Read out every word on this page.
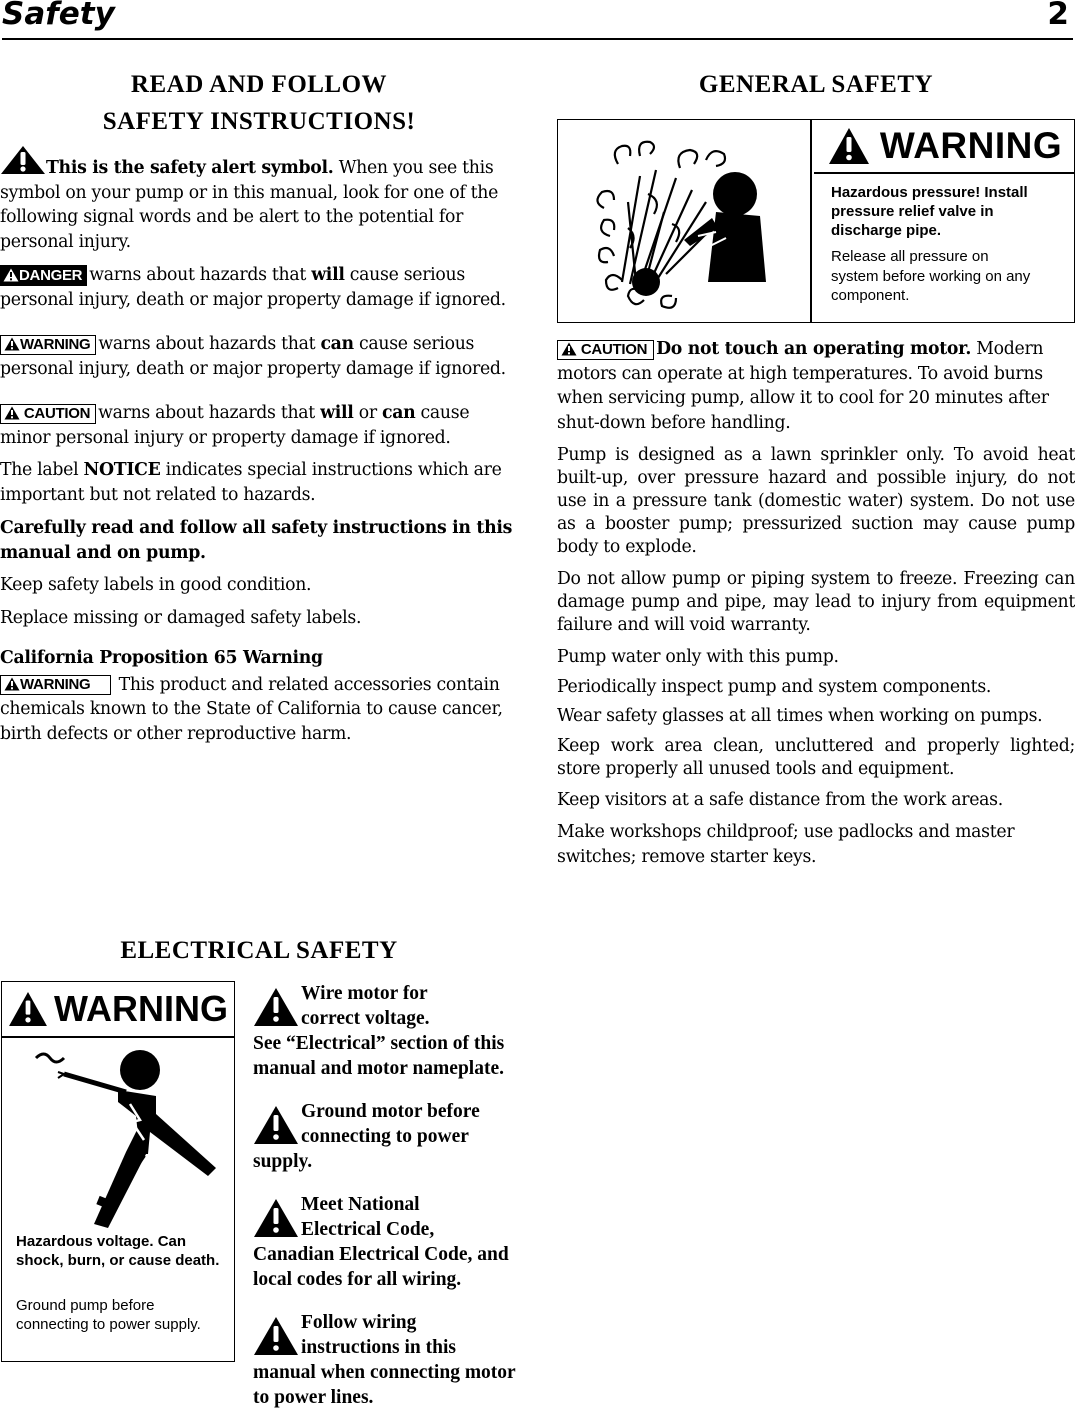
Safety	2
READ AND FOLLOW
SAFETY INSTRUCTIONS!
This is the safety alert symbol. When you see this symbol on your pump or in this manual, look for one of the following signal words and be alert to the potential for personal injury.
DANGER warns about hazards that will cause serious personal injury, death or major property damage if ignored.
WARNING warns about hazards that can cause serious personal injury, death or major property damage if ignored.
CAUTION warns about hazards that will or can cause minor personal injury or property damage if ignored.
The label NOTICE indicates special instructions which are important but not related to hazards.
Carefully read and follow all safety instructions in this manual and on pump.
Keep safety labels in good condition.
Replace missing or damaged safety labels.
California Proposition 65 Warning
WARNING This product and related accessories contain chemicals known to the State of California to cause cancer, birth defects or other reproductive harm.
GENERAL SAFETY
WARNING
Hazardous pressure! Install pressure relief valve in discharge pipe.
Release all pressure on system before working on any component.
CAUTION Do not touch an operating motor. Modern motors can operate at high temperatures. To avoid burns when servicing pump, allow it to cool for 20 minutes after shut-down before handling.
Pump is designed as a lawn sprinkler only. To avoid heat built-up, over pressure hazard and possible injury, do not use in a pressure tank (domestic water) system. Do not use as a booster pump; pressurized suction may cause pump body to explode.
Do not allow pump or piping system to freeze. Freezing can damage pump and pipe, may lead to injury from equipment failure and will void warranty.
Pump water only with this pump.
Periodically inspect pump and system components.
Wear safety glasses at all times when working on pumps.
Keep work area clean, uncluttered and properly lighted; store properly all unused tools and equipment.
Keep visitors at a safe distance from the work areas.
Make workshops childproof; use padlocks and master switches; remove starter keys.
ELECTRICAL SAFETY
WARNING
Hazardous voltage. Can shock, burn, or cause death.
Ground pump before connecting to power supply.
Wire motor for
correct voltage.
See “Electrical” section of this manual and motor nameplate.
Ground motor before
connecting to power
supply.
Meet National
Electrical Code,
Canadian Electrical Code, and local codes for all wiring.
Follow wiring
instructions in this
manual when connecting motor to power lines.
